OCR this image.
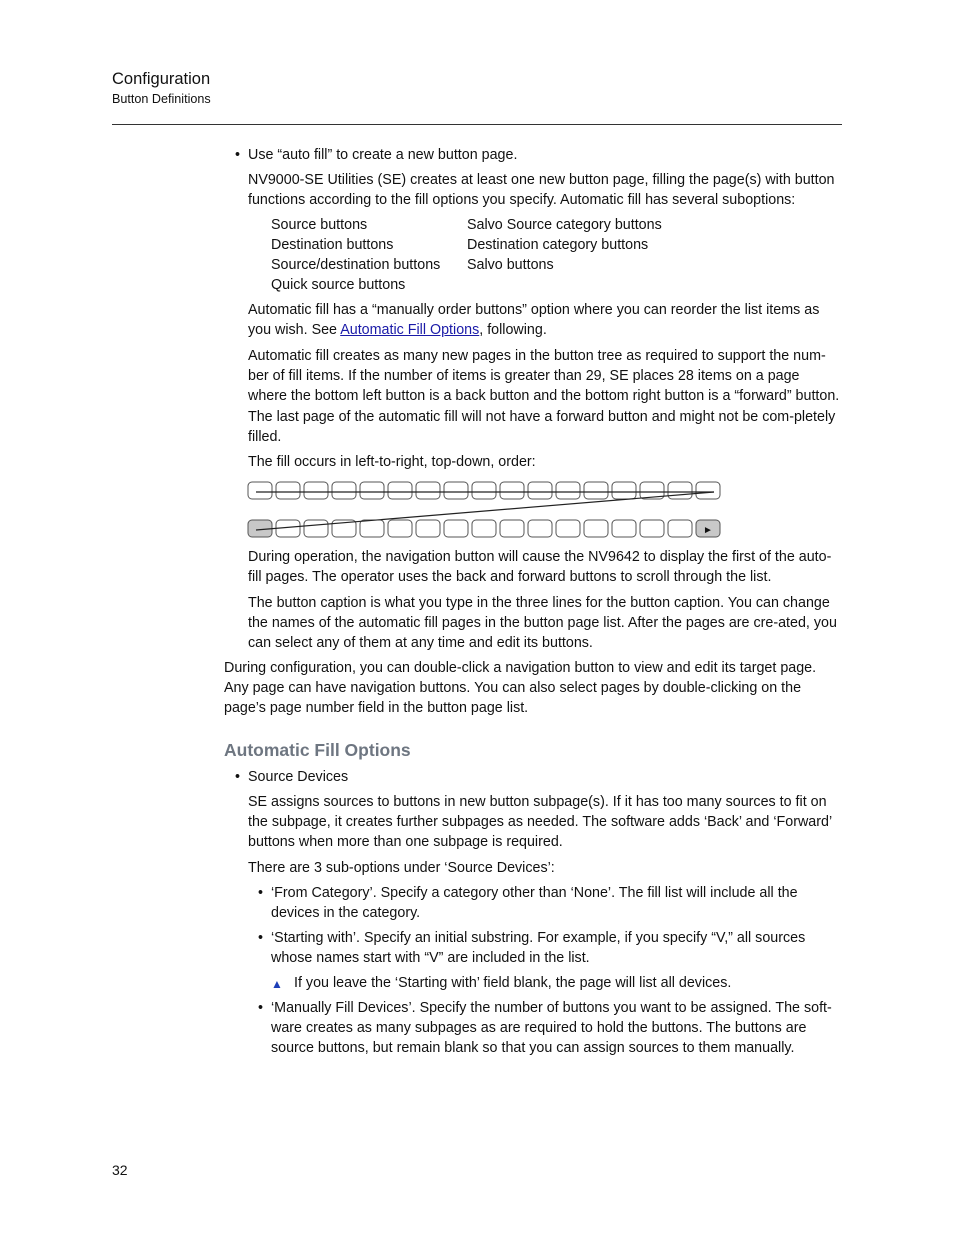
Configuration
Button Definitions

• Use “auto fill” to create a new button page.

NV9000-SE Utilities (SE) creates at least one new button page, filling the page(s) with button functions according to the fill options you specify. Automatic fill has several suboptions:

Source buttons	Salvo Source category buttons
Destination buttons	Destination category buttons
Source/destination buttons Salvo buttons
Quick source buttons

Automatic fill has a “manually order buttons” option where you can reorder the list items as you wish. See Automatic Fill Options, following.

Automatic fill creates as many new pages in the button tree as required to support the num-ber of fill items. If the number of items is greater than 29, SE places 28 items on a page where the bottom left button is a back button and the bottom right button is a “forward” button. The last page of the automatic fill will not have a forward button and might not be com-pletely filled.

The fill occurs in left-to-right, top-down, order:

►

During operation, the navigation button will cause the NV9642 to display the first of the auto-fill pages. The operator uses the back and forward buttons to scroll through the list.

The button caption is what you type in the three lines for the button caption. You can change the names of the automatic fill pages in the button page list. After the pages are cre-ated, you can select any of them at any time and edit its buttons.

During configuration, you can double-click a navigation button to view and edit its target page. Any page can have navigation buttons. You can also select pages by double-clicking on the page’s page number field in the button page list.

Automatic Fill Options

• Source Devices

SE assigns sources to buttons in new button subpage(s). If it has too many sources to fit on the subpage, it creates further subpages as needed. The software adds ‘Back’ and ‘Forward’ buttons when more than one subpage is required.

There are 3 sub-options under ‘Source Devices’:

• ‘From Category’. Specify a category other than ‘None’. The fill list will include all the devices in the category.

• ‘Starting with’. Specify an initial substring. For example, if you specify “V,” all sources whose names start with “V” are included in the list.

▲ If you leave the ‘Starting with’ field blank, the page will list all devices.

• ‘Manually Fill Devices’. Specify the number of buttons you want to be assigned. The soft-ware creates as many subpages as are required to hold the buttons. The buttons are source buttons, but remain blank so that you can assign sources to them manually.

32
